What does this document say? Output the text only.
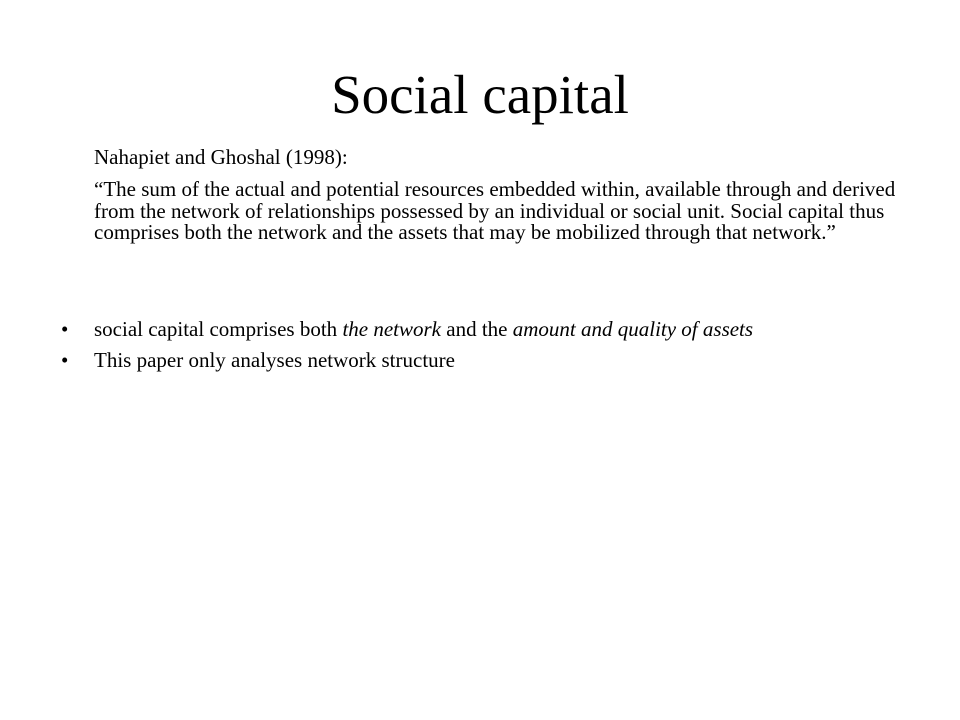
Social capital

Nahapiet and Ghoshal (1998):

“The sum of the actual and potential resources embedded within, available through and derived from the network of relationships possessed by an individual or social unit. Social capital thus comprises both the network and the assets that may be mobilized through that network.”

• social capital comprises both the network and the amount and quality of assets
• This paper only analyses network structure
